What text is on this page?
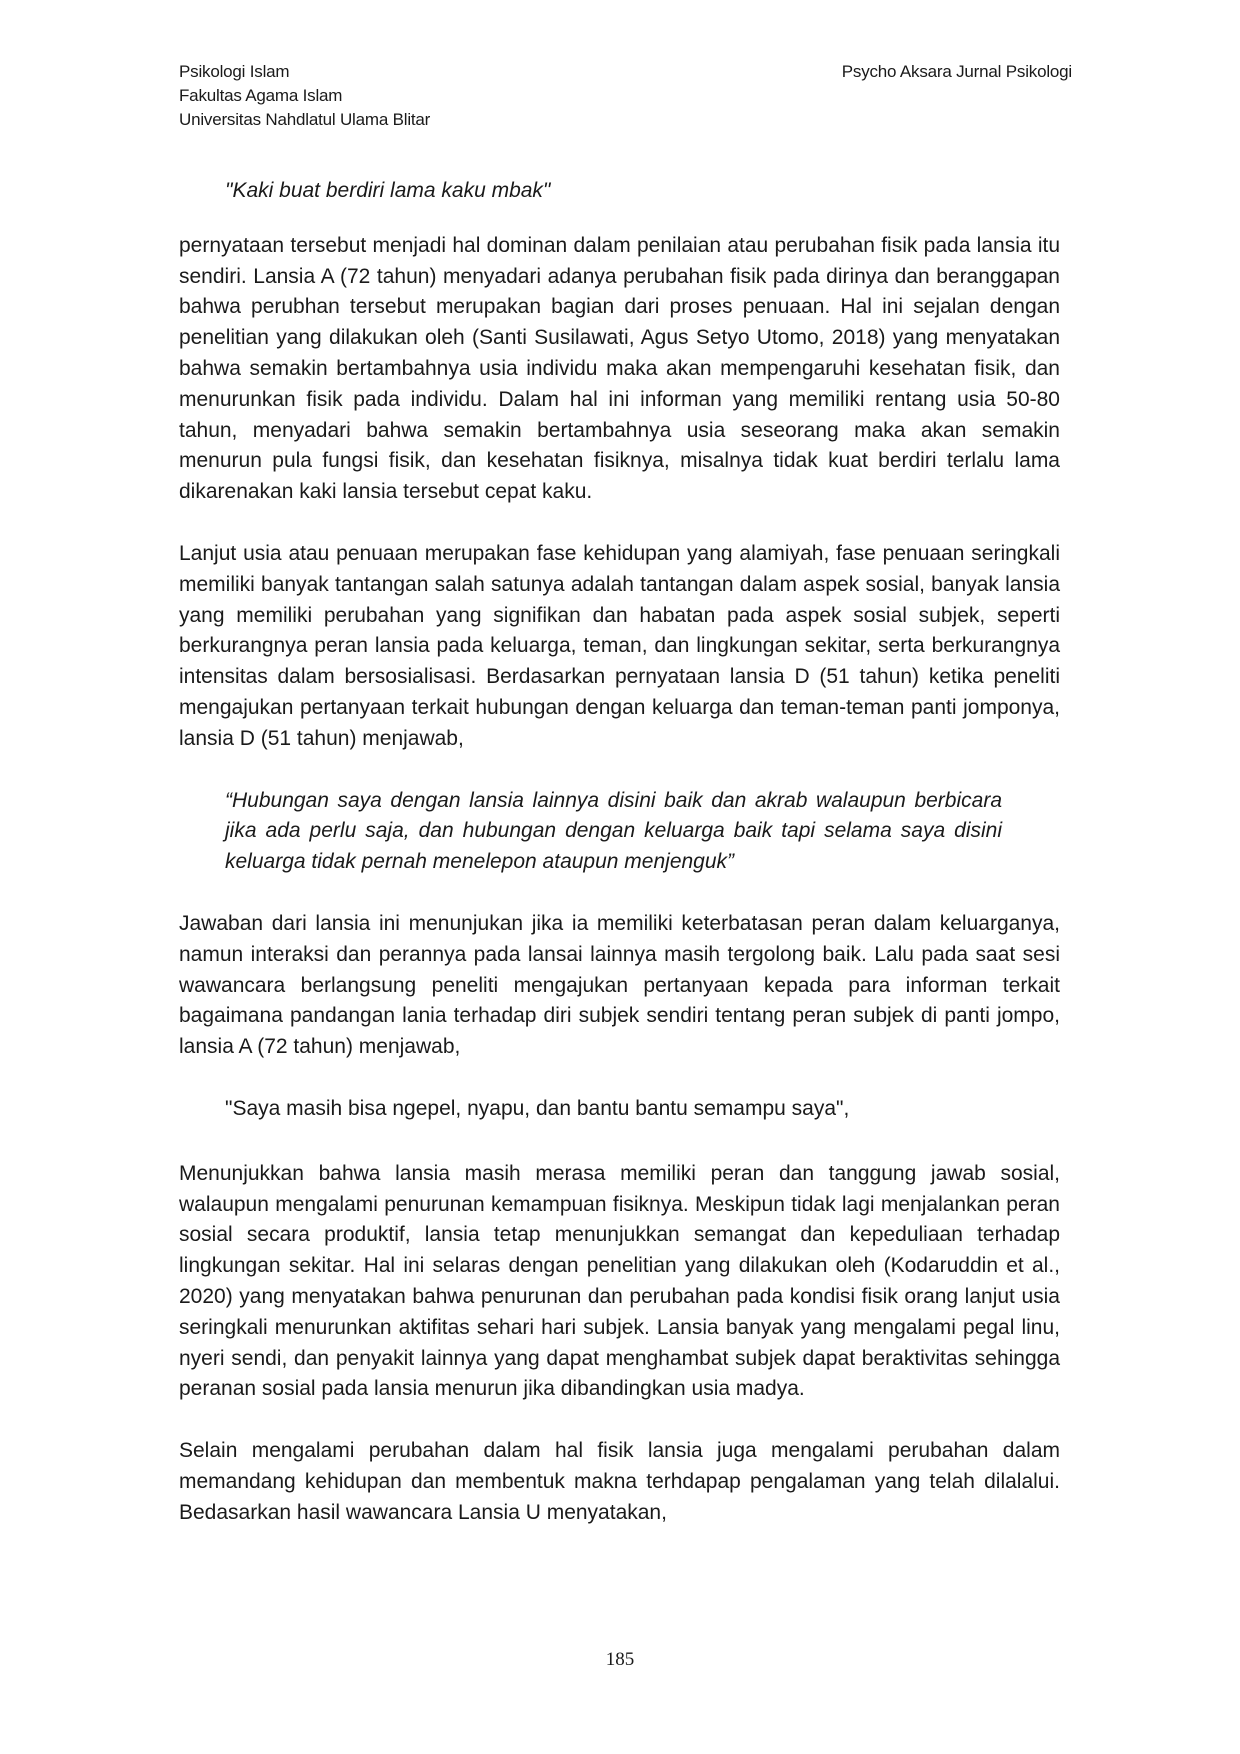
Psikologi Islam
Fakultas Agama Islam
Universitas Nahdlatul Ulama Blitar
Psycho Aksara Jurnal Psikologi

"Kaki buat berdiri lama kaku mbak"

pernyataan tersebut menjadi hal dominan dalam penilaian atau perubahan fisik pada lansia itu sendiri. Lansia A (72 tahun) menyadari adanya perubahan fisik pada dirinya dan beranggapan bahwa perubhan tersebut merupakan bagian dari proses penuaan. Hal ini sejalan dengan penelitian yang dilakukan oleh (Santi Susilawati, Agus Setyo Utomo, 2018) yang menyatakan bahwa semakin bertambahnya usia individu maka akan mempengaruhi kesehatan fisik, dan menurunkan fisik pada individu. Dalam hal ini informan yang memiliki rentang usia 50-80 tahun, menyadari bahwa semakin bertambahnya usia seseorang maka akan semakin menurun pula fungsi fisik, dan kesehatan fisiknya, misalnya tidak kuat berdiri terlalu lama dikarenakan kaki lansia tersebut cepat kaku.

Lanjut usia atau penuaan merupakan fase kehidupan yang alamiyah, fase penuaan seringkali memiliki banyak tantangan salah satunya adalah tantangan dalam aspek sosial, banyak lansia yang memiliki perubahan yang signifikan dan habatan pada aspek sosial subjek, seperti berkurangnya peran lansia pada keluarga, teman, dan lingkungan sekitar, serta berkurangnya intensitas dalam bersosialisasi. Berdasarkan pernyataan lansia D (51 tahun) ketika peneliti mengajukan pertanyaan terkait hubungan dengan keluarga dan teman-teman panti jomponya, lansia D (51 tahun) menjawab,

“Hubungan saya dengan lansia lainnya disini baik dan akrab walaupun berbicara jika ada perlu saja, dan hubungan dengan keluarga baik tapi selama saya disini keluarga tidak pernah menelepon ataupun menjenguk”

Jawaban dari lansia ini menunjukan jika ia memiliki keterbatasan peran dalam keluarganya, namun interaksi dan perannya pada lansai lainnya masih tergolong baik. Lalu pada saat sesi wawancara berlangsung peneliti mengajukan pertanyaan kepada para informan terkait bagaimana pandangan lania terhadap diri subjek sendiri tentang peran subjek di panti jompo, lansia A (72 tahun) menjawab,

"Saya masih bisa ngepel, nyapu, dan bantu bantu semampu saya",

Menunjukkan bahwa lansia masih merasa memiliki peran dan tanggung jawab sosial, walaupun mengalami penurunan kemampuan fisiknya. Meskipun tidak lagi menjalankan peran sosial secara produktif, lansia tetap menunjukkan semangat dan kepeduliaan terhadap lingkungan sekitar. Hal ini selaras dengan penelitian yang dilakukan oleh (Kodaruddin et al., 2020) yang menyatakan bahwa penurunan dan perubahan pada kondisi fisik orang lanjut usia seringkali menurunkan aktifitas sehari hari subjek. Lansia banyak yang mengalami pegal linu, nyeri sendi, dan penyakit lainnya yang dapat menghambat subjek dapat beraktivitas sehingga peranan sosial pada lansia menurun jika dibandingkan usia madya.

Selain mengalami perubahan dalam hal fisik lansia juga mengalami perubahan dalam memandang kehidupan dan membentuk makna terhdapap pengalaman yang telah dilalalui. Bedasarkan hasil wawancara Lansia U menyatakan,

185
